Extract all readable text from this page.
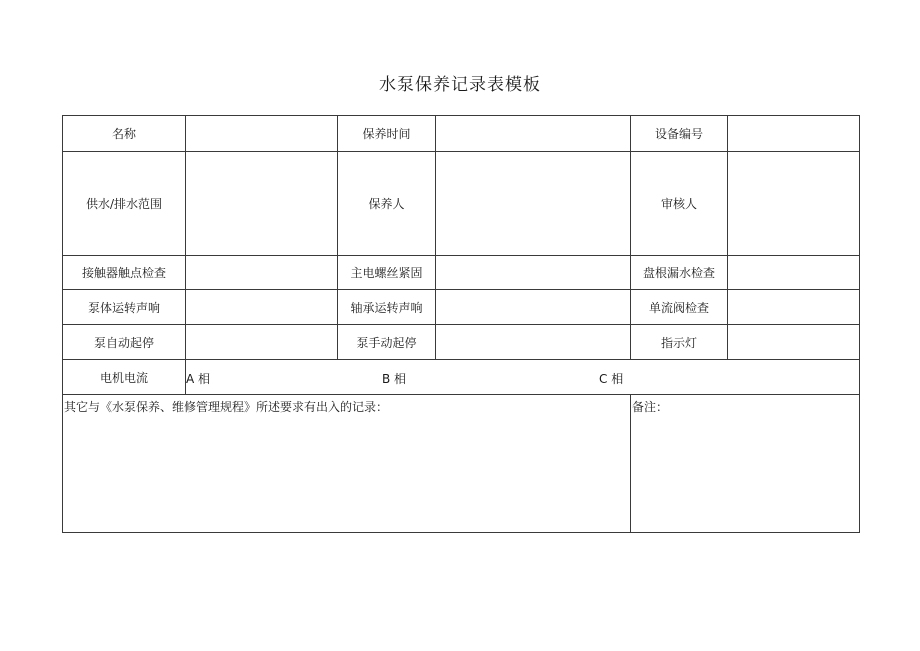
水泵保养记录表模板
名称		保养时间		设备编号	
供水/排水范围		保养人		审核人	
接触器触点检查		主电螺丝紧固		盘根漏水检查	
泵体运转声响		轴承运转声响		单流阀检查	
泵自动起停		泵手动起停		指示灯	
电机电流	A 相 B 相 C 相				

其它与《水泵保养、维修管理规程》所述要求有出入的记录：				备注：	
